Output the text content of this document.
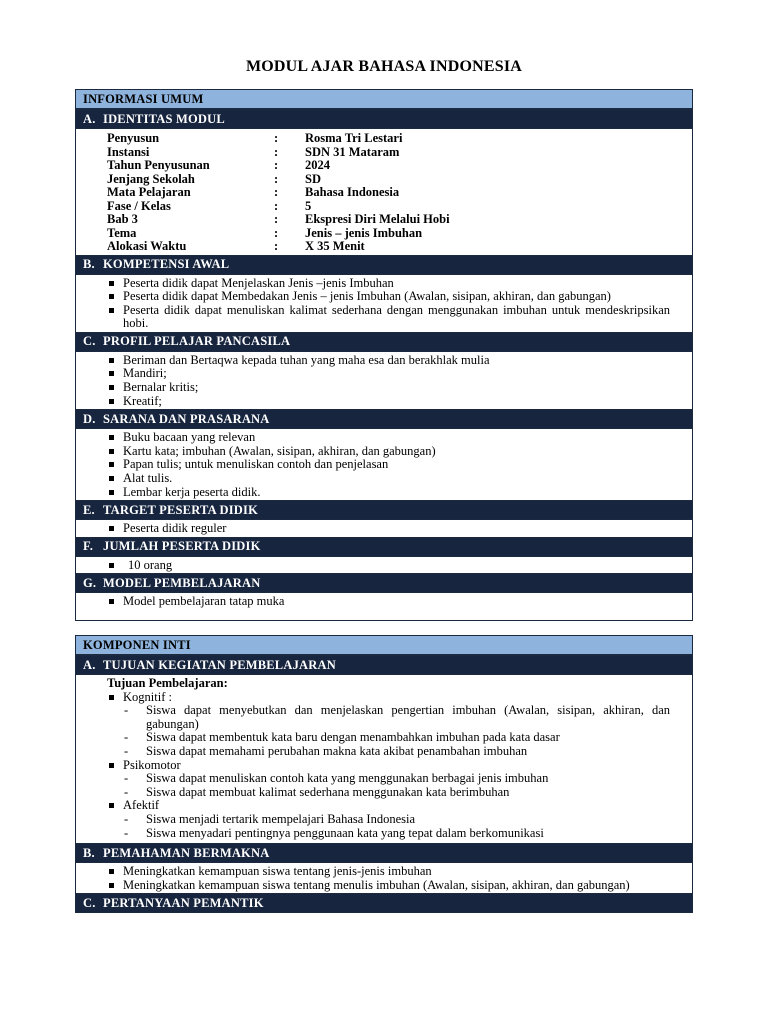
MODUL AJAR BAHASA INDONESIA
INFORMASI UMUM
A. IDENTITAS MODUL
Penyusun	:	Rosma Tri Lestari
Instansi	:	SDN 31 Mataram
Tahun Penyusunan	:	2024
Jenjang Sekolah	:	SD
Mata Pelajaran	:	Bahasa Indonesia
Fase / Kelas	:	5
Bab 3	:	Ekspresi Diri Melalui Hobi
Tema	:	Jenis – jenis Imbuhan
Alokasi Waktu	:	X 35 Menit
B. KOMPETENSI AWAL
Peserta didik dapat Menjelaskan Jenis –jenis Imbuhan
Peserta didik dapat Membedakan Jenis – jenis Imbuhan (Awalan, sisipan, akhiran, dan gabungan)
Peserta didik dapat menuliskan kalimat sederhana dengan menggunakan imbuhan untuk mendeskripsikan hobi.
C. PROFIL PELAJAR PANCASILA
Beriman dan Bertaqwa kepada tuhan yang maha esa dan berakhlak mulia
Mandiri;
Bernalar kritis;
Kreatif;
D. SARANA DAN PRASARANA
Buku bacaan yang relevan
Kartu kata; imbuhan (Awalan, sisipan, akhiran, dan gabungan)
Papan tulis; untuk menuliskan contoh dan penjelasan
Alat tulis.
Lembar kerja peserta didik.
E. TARGET PESERTA DIDIK
Peserta didik reguler
F. JUMLAH PESERTA DIDIK
10 orang
G. MODEL PEMBELAJARAN
Model pembelajaran tatap muka
KOMPONEN INTI
A. TUJUAN KEGIATAN PEMBELAJARAN
Tujuan Pembelajaran:
Kognitif :
- Siswa dapat menyebutkan dan menjelaskan pengertian imbuhan (Awalan, sisipan, akhiran, dan gabungan)
- Siswa dapat membentuk kata baru dengan menambahkan imbuhan pada kata dasar
- Siswa dapat memahami perubahan makna kata akibat penambahan imbuhan
Psikomotor
- Siswa dapat menuliskan contoh kata yang menggunakan berbagai jenis imbuhan
- Siswa dapat membuat kalimat sederhana menggunakan kata berimbuhan
Afektif
- Siswa menjadi tertarik mempelajari Bahasa Indonesia
- Siswa menyadari pentingnya penggunaan kata yang tepat dalam berkomunikasi
B. PEMAHAMAN BERMAKNA
Meningkatkan kemampuan siswa tentang jenis-jenis imbuhan
Meningkatkan kemampuan siswa tentang menulis imbuhan (Awalan, sisipan, akhiran, dan gabungan)
C. PERTANYAAN PEMANTIK
